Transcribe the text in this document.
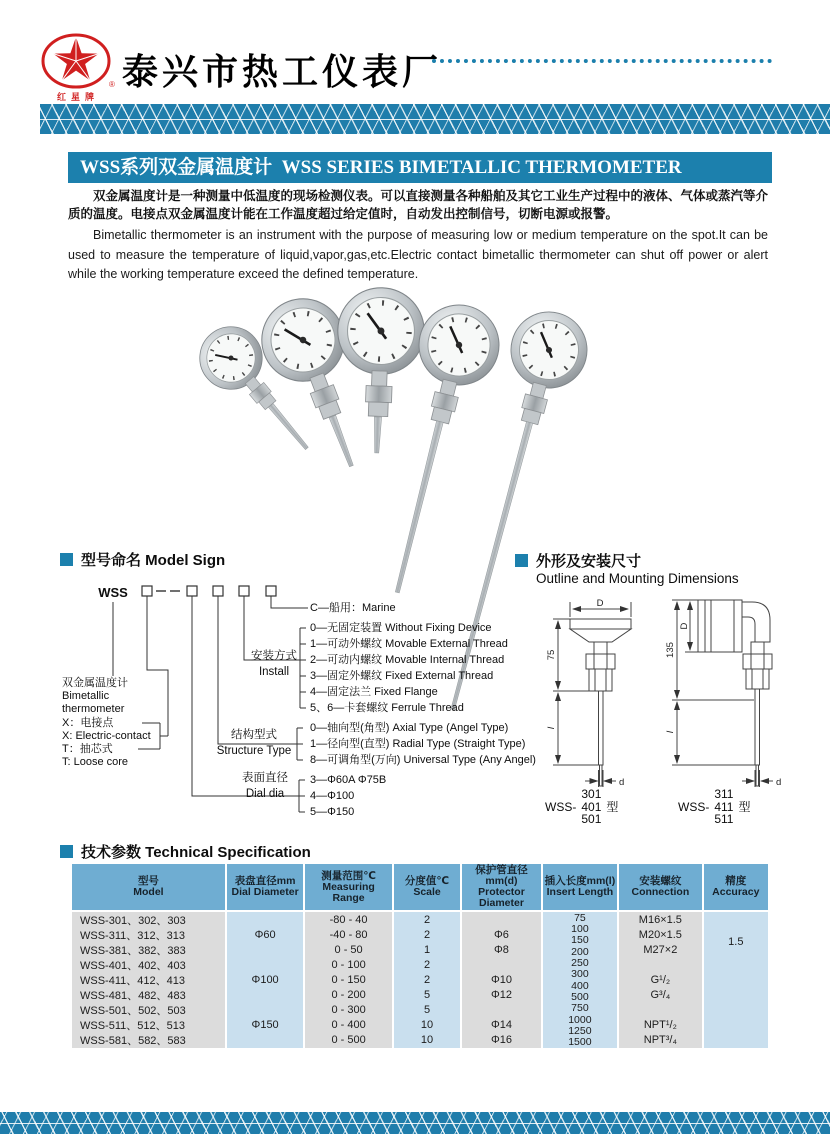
®
红星牌
泰兴市热工仪表厂
WSS系列双金属温度计 WSS SERIES BIMETALLIC THERMOMETER

双金属温度计是一种测量中低温度的现场检测仪表。可以直接测量各种船舶及其它工业生产过程中的液体、气体或蒸汽等介质的温度。电接点双金属温度计能在工作温度超过给定值时，自动发出控制信号，切断电源或报警。

Bimetallic thermometer is an instrument with the purpose of measuring low or medium temperature on the spot.It can be used to measure the temperature of liquid,vapor,gas,etc.Electric contact bimetallic thermometer can shut off power or alert while the working temperature exceed the defined temperature.

型号命名 Model Sign
WSS
双金属温度计
Bimetallic
thermometer
X：电接点
X: Electric-contact
T：抽芯式
T: Loose core
安装方式
Install
结构型式
Structure Type
表面直径
Dial dia
C—船用：Marine
0—无固定装置 Without Fixing Device
1—可动外螺纹 Movable External Thread
2—可动内螺纹 Movable Internal Thread
3—固定外螺纹 Fixed External Thread
4—固定法兰 Fixed Flange
5、6—卡套螺纹 Ferrule Thread
0—轴向型(角型) Axial Type (Angel Type)
1—径向型(直型) Radial Type (Straight Type)
8—可调角型(万向) Universal Type (Any Angel)
3—Φ60A Φ75B
4—Φ100
5—Φ150
外形及安装尺寸
Outline and Mounting Dimensions
D
75
l
d
D
135
l
d
WSS-
301
401
501
型	WSS-
311
411
511
型
技术参数 Technical Specification
型号
Model
WSS-301、302、303
WSS-311、312、313
WSS-381、382、383
WSS-401、402、403
WSS-411、412、413
WSS-481、482、483
WSS-501、502、503
WSS-511、512、513
WSS-581、582、583
表盘直径mm
Dial Diameter
Φ60
Φ100
Φ150
测量范围℃
Measuring
Range
-80 - 40
-40 - 80
0 - 50
0 - 100
0 - 150
0 - 200
0 - 300
0 - 400
0 - 500
分度值℃
Scale
2
2
1
2
2
5
5
10
10
保护管直径
mm(d)
Protector
Diameter
Φ6
Φ8
Φ10
Φ12
Φ14
Φ16
插入长度mm(l)
Insert Length
75
100
150
200
250
300
400
500
750
1000
1250
1500
安装螺纹
Connection
M16×1.5
M20×1.5
M27×2
G¹/₂
G³/₄
NPT¹/₂
NPT³/₄
精度
Accuracy
1.5
